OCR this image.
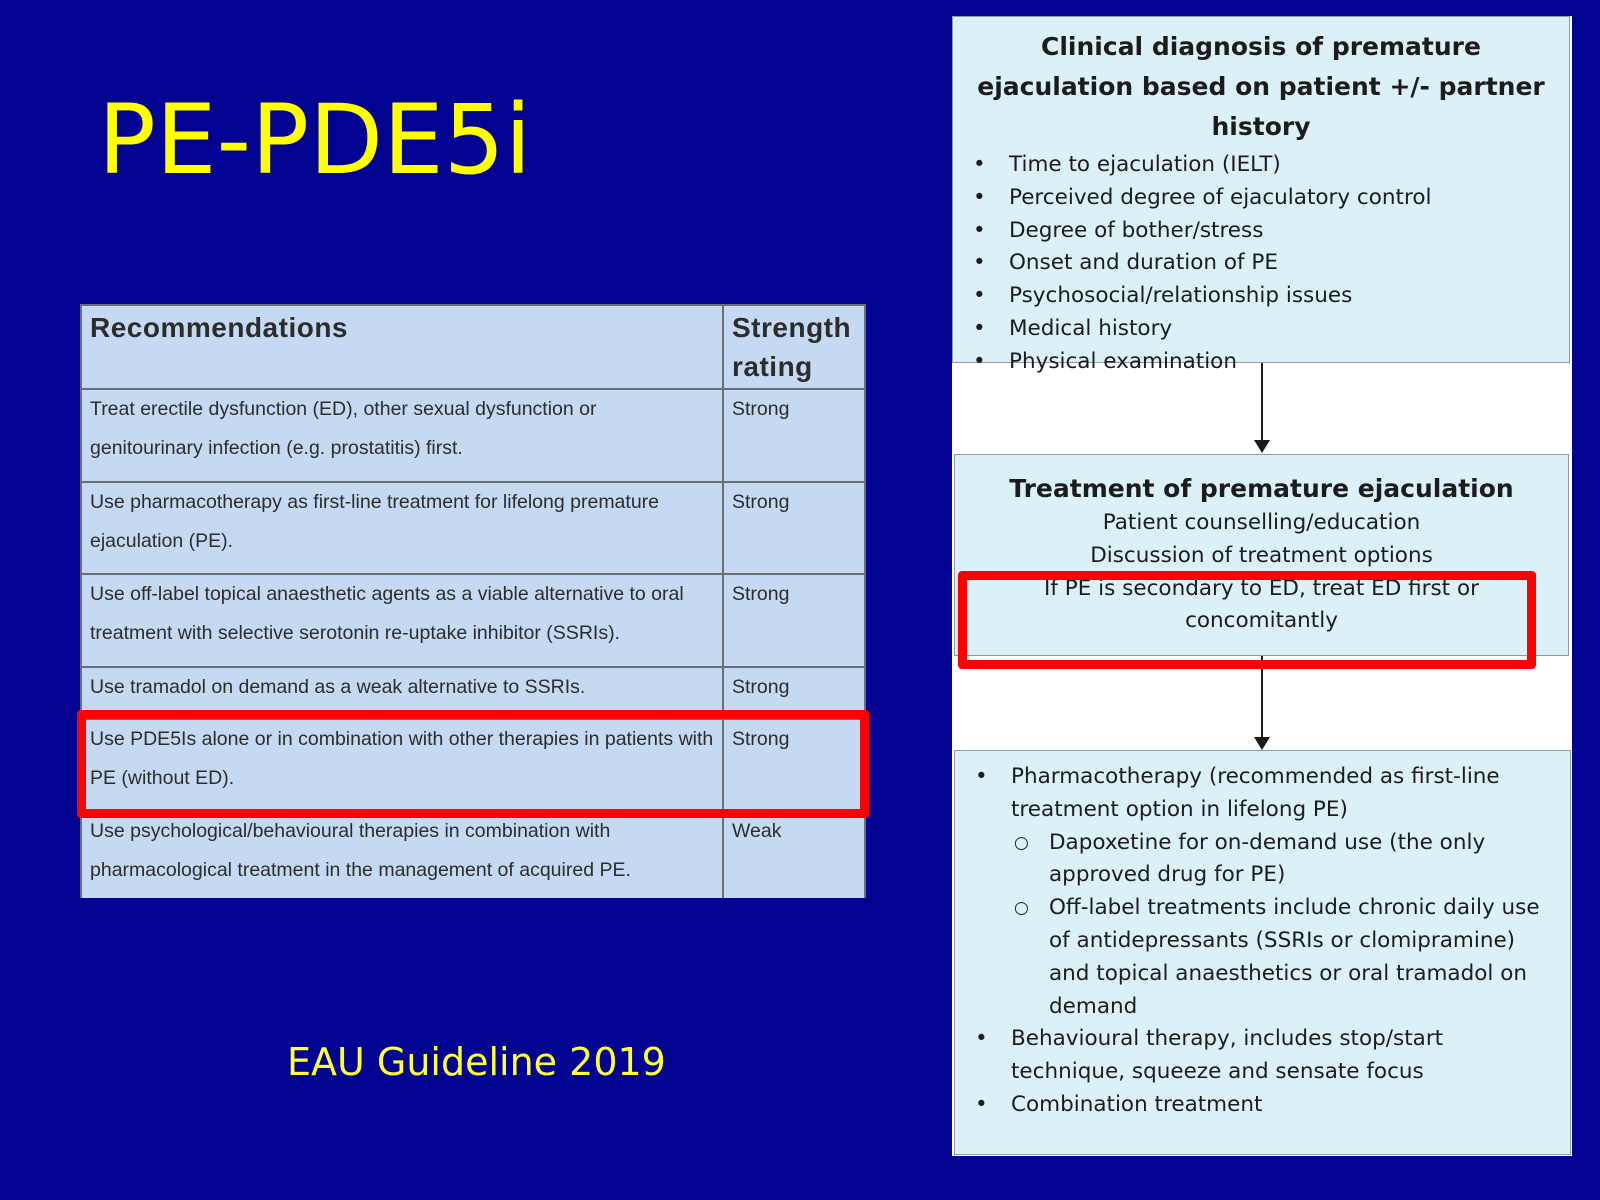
PE-PDE5i
Recommendations	Strength rating
Treat erectile dysfunction (ED), other sexual dysfunction or genitourinary infection (e.g. prostatitis) first.	Strong
Use pharmacotherapy as first-line treatment for lifelong premature ejaculation (PE).	Strong
Use off-label topical anaesthetic agents as a viable alternative to oral treatment with selective serotonin re-uptake inhibitor (SSRIs).	Strong
Use tramadol on demand as a weak alternative to SSRIs.	Strong
Use PDE5Is alone or in combination with other therapies in patients with PE (without ED).	Strong
Use psychological/behavioural therapies in combination with pharmacological treatment in the management of acquired PE.	Weak
EAU Guideline 2019
Clinical diagnosis of premature ejaculation based on patient +/- partner history
• Time to ejaculation (IELT)
• Perceived degree of ejaculatory control
• Degree of bother/stress
• Onset and duration of PE
• Psychosocial/relationship issues
• Medical history
• Physical examination
Treatment of premature ejaculation
Patient counselling/education
Discussion of treatment options
If PE is secondary to ED, treat ED first or concomitantly
• Pharmacotherapy (recommended as first-line treatment option in lifelong PE)
○ Dapoxetine for on-demand use (the only approved drug for PE)
○ Off-label treatments include chronic daily use of antidepressants (SSRIs or clomipramine) and topical anaesthetics or oral tramadol on demand
• Behavioural therapy, includes stop/start technique, squeeze and sensate focus
• Combination treatment
